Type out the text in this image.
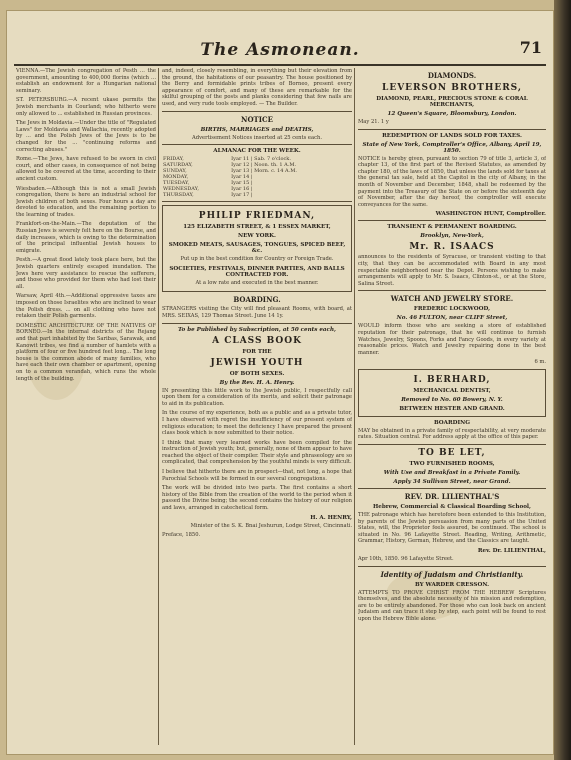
The Asmonean.	71

VIENNA.—The Jewish congregation of Pesth ... the government, amounting to 400,000 florins (which ... establish an endowment for a Hungarian national seminary.

ST. PETERSBURG.—A recent ukase permits the Jewish merchants in Courland; who hitherto were only allowed to ... established in Russian provinces.

The Jews in Moldavia.—Under the title of "Regulated Laws" for Moldavia and Wallachia, recently adopted by ... and the Polish Jews of the Jews is to be changed for the ... "continuing reforms and correcting abuses."

Rome.—The Jews, have refused to be sworn in civil court, and other cases, in consequence of not being allowed to be covered at the time, according to their ancient custom.

Wiesbaden.—Although this is not a small Jewish congregation, there is here an industrial school for Jewish children of both sexes. Four hours a day are devoted to education, and the remaining portion to the learning of trades.

Frankfort-on-the-Main.—The deputation of the Russian Jews is severely felt here on the Bourse, and daily increases, which is owing to the determination of the principal influential Jewish houses to emigrate.

Pesth.—A great flood lately took place here, but the Jewish quarters entirely escaped inundation. The Jews here very assistance to rescue the sufferers, and those who provided for them who had lost their all.

Warsaw, April 4th.—Additional oppressive taxes are imposed on those Israelites who are inclined to wear the Polish dress. ... on all clothing who have not retaken their Polish garments.

DOMESTIC ARCHITECTURE OF THE NATIVES OF BORNEO.—In the internal districts of the Rejang and that part inhabited by the Saribas, Sarawak, and Kanowit tribes, we find a number of hamlets with a platform of four or five hundred feet long... The long house is the common abode of many families, who have each their own chamber or apartment, opening on to a common verandah, which runs the whole length of the building.

and, indeed, closely resembling, in everything but their elevation from the ground, the habitations of our peasantry. The house positioned by the Berry and formidable prints tribes of Borneo, present every appearance of comfort, and many of these are remarkable for the skilful grouping of the posts and planks considering that few nails are used, and very rude tools employed. — The Builder.

NOTICE
BIRTHS, MARRIAGES and DEATHS,

Advertisement Notices inserted at 25 cents each.

ALMANAC FOR THE WEEK.
FRIDAY,	Iyar 11 | Sab. 7 o'clock.
SATURDAY,	Iyar 12 | Noon. th. 1 A.M.
SUNDAY,	Iyar 13 | Morn. c. 14 A.M.
MONDAY,	Iyar 14 |
TUESDAY,	Iyar 15 |
WEDNESDAY,	Iyar 16 |
THURSDAY,	Iyar 17 |
PHILIP FRIEDMAN,
125 ELIZABETH STREET, & 1 ESSEX MARKET,
NEW YORK.
SMOKED MEATS, SAUSAGES, TONGUES, SPICED BEEF, &c.

Put up in the best condition for Country or Foreign Trade.

SOCIETIES, FESTIVALS, DINNER PARTIES, AND BALLS CONTRACTED FOR.

At a low rate and executed in the best manner.

BOARDING.

STRANGERS visiting the City will find pleasant Rooms, with board, at MRS. SEIXAS, 129 Thomas Street. June 14 1y.

To be Published by Subscription, at 50 cents each,
A CLASS BOOK
FOR THE
JEWISH YOUTH
OF BOTH SEXES.
By the Rev. H. A. Henry.

IN presenting this little work to the Jewish public, I respectfully call upon them for a consideration of its merits, and solicit their patronage to aid in its publication.

In the course of my experience, both as a public and as a private tutor, I have observed with regret the insufficiency of our present system of religious education; to meet the deficiency I have prepared the present class book which is now submitted to their notice.

I think that many very learned works have been compiled for the instruction of Jewish youth; but, generally, none of them appear to have reached the object of their compiler. Their style and phraseology are so complicated, that comprehension by the youthful minds is very difficult.

I believe that hitherto there are in prospect—that, not long, a hope that Parochial Schools will be formed in our several congregations.

The work will be divided into two parts. The first contains a short history of the Bible from the creation of the world to the period when it passed the Divine being; the second contains the history of our religion and laws, arranged in catechetical form.

H. A. HENRY,

Minister of the S. K. Bnai Jeshurun, Lodge Street, Cincinnati.

Preface, 1850.

DIAMONDS.
LEVERSON BROTHERS,
DIAMOND, PEARL, PRECIOUS STONE & CORAL MERCHANTS,
12 Queen's Square, Bloomsbury, London.

May 21. 1 y

REDEMPTION OF LANDS SOLD FOR TAXES.
State of New York, Comptroller's Office, Albany, April 19, 1850.

NOTICE is hereby given, pursuant to section 79 of title 3, article 3, of chapter 13, of the first part of the Revised Statutes, as amended by chapter 180, of the laws of 1850, that unless the lands sold for taxes at the general tax sale, held at the Capitol in the city of Albany, in the month of November and December, 1848, shall be redeemed by the payment into the Treasury of the State on or before the sixteenth day of November, after the day hereof, the comptroller will execute conveyances for the same.

WASHINGTON HUNT, Comptroller.
TRANSIENT & PERMANENT BOARDING.
Brooklyn, New-York,
Mr. R. ISAACS

announces to the residents of Syracuse, or transient visiting to that city, that they can be accommodated with Board in any most respectable neighborhood near the Depot. Persons wishing to make arrangements will apply to Mr. S. Isaacs, Clinton-st., or at the Store, Salina Street.

WATCH AND JEWELRY STORE.
FREDERIC LOCKWOOD,
No. 46 FULTON, near CLIFF Street,

WOULD inform those who are seeking a store of established reputation for their patronage, that he will continue to furnish Watches, Jewelry, Spoons, Forks and Fancy Goods, in every variety at reasonable prices. Watch and Jewelry repairing done in the best manner.

6 m.

I. BERHARD,
MECHANICAL DENTIST,
Removed to No. 60 Bowery, N. Y.
BETWEEN HESTER AND GRAND.
BOARDING

MAY be obtained in a private family of respectability, at very moderate rates. Situation central. For address apply at the office of this paper.

TO BE LET,
TWO FURNISHED ROOMS,
With Use and Breakfast in a Private Family.
Apply 34 Sullivan Street, near Grand.
REV. DR. LILIENTHAL'S
Hebrew, Commercial & Classical Boarding School,

THE patronage which has heretofore been extended to this Institution, by parents of the Jewish persuasion from many parts of the United States, will, the Proprietor feels assured, be continued. The school is situated in No. 96 Lafayette Street. Reading, Writing, Arithmetic, Grammar, History, German, Hebrew, and the Classics are taught.

Rev. Dr. LILIENTHAL,

Apr 10th, 1850. 96 Lafayette Street.

Identity of Judaism and Christianity.
BY WARDER CRESSON.

ATTEMPTS TO PROVE CHRIST FROM THE HEBREW Scriptures themselves, and the absolute necessity of his mission and redemption, are to be entirely abandoned. For those who can look back on ancient Judaism and can trace it step by step, each point will be found to rest upon the Hebrew Bible alone.
